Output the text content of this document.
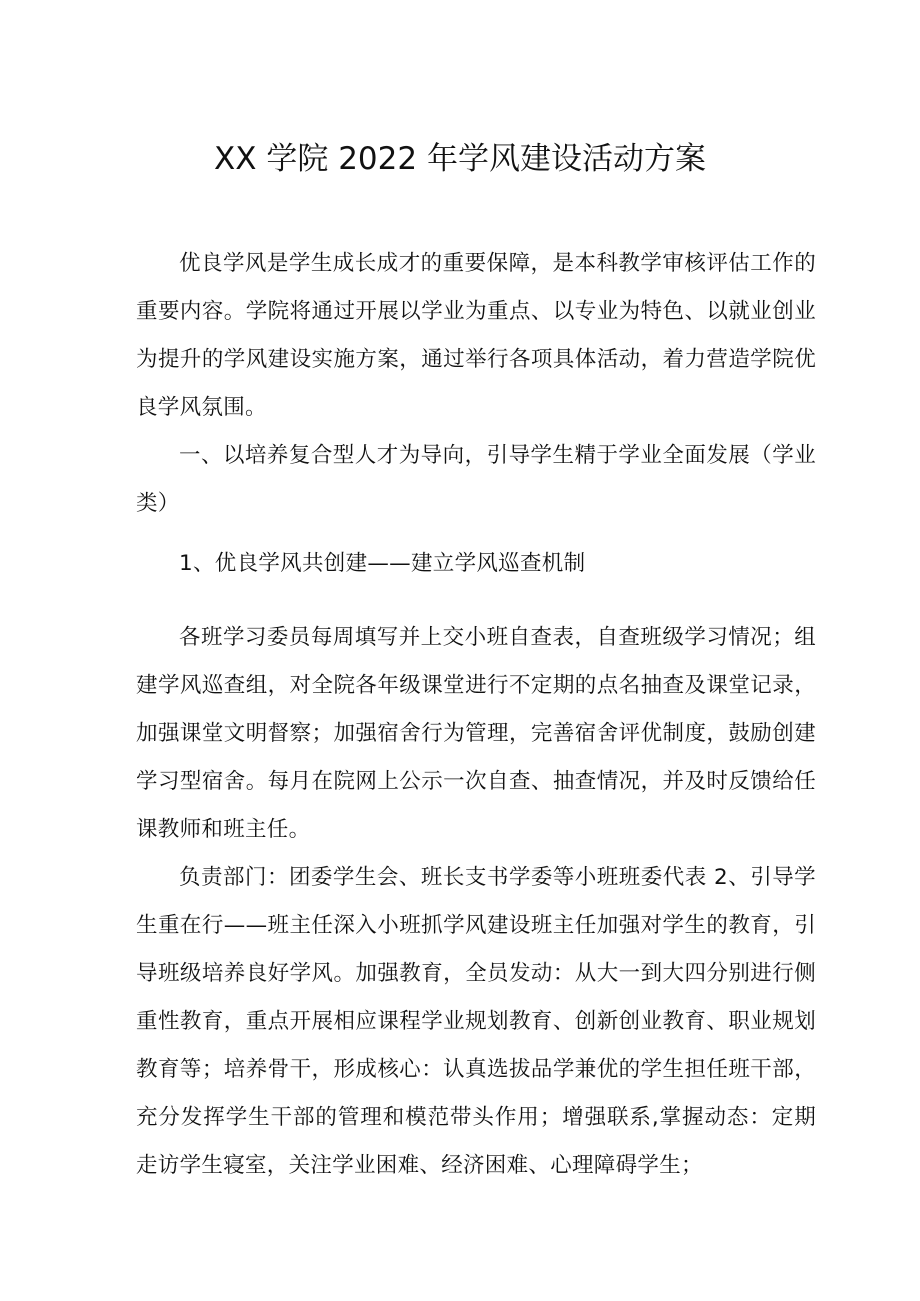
XX 学院 2022 年学风建设活动方案

优良学风是学生成长成才的重要保障，是本科教学审核评估工作的重要内容。学院将通过开展以学业为重点、以专业为特色、以就业创业为提升的学风建设实施方案，通过举行各项具体活动，着力营造学院优良学风氛围。

一、以培养复合型人才为导向，引导学生精于学业全面发展（学业类）

1、优良学风共创建——建立学风巡查机制

各班学习委员每周填写并上交小班自查表，自查班级学习情况；组建学风巡查组，对全院各年级课堂进行不定期的点名抽查及课堂记录，加强课堂文明督察；加强宿舍行为管理，完善宿舍评优制度，鼓励创建学习型宿舍。每月在院网上公示一次自查、抽查情况，并及时反馈给任课教师和班主任。

负责部门：团委学生会、班长支书学委等小班班委代表 2、引导学生重在行——班主任深入小班抓学风建设班主任加强对学生的教育，引导班级培养良好学风。加强教育，全员发动：从大一到大四分别进行侧重性教育，重点开展相应课程学业规划教育、创新创业教育、职业规划教育等；培养骨干，形成核心：认真选拔品学兼优的学生担任班干部，充分发挥学生干部的管理和模范带头作用；增强联系,掌握动态：定期走访学生寝室，关注学业困难、经济困难、心理障碍学生；
